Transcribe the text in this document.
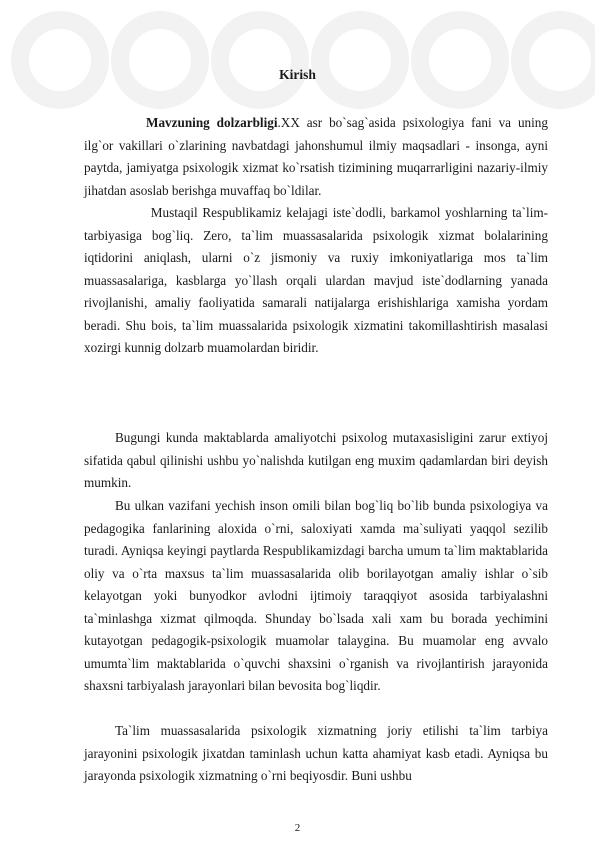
Kirish
Mavzuning dolzarbligi.XX asr bo`sag`asida psixologiya fani va uning ilg`or vakillari o`zlarining navbatdagi jahonshumul ilmiy maqsadlari - insonga, ayni paytda, jamiyatga psixologik xizmat ko`rsatish tizimining muqarrarligini nazariy-ilmiy jihatdan asoslab berishga muvaffaq bo`ldilar.
Mustaqil Respublikamiz kelajagi iste`dodli, barkamol yoshlarning ta`lim-tarbiyasiga bog`liq. Zero, ta`lim muassasalarida psixologik xizmat bolalarining iqtidorini aniqlash, ularni o`z jismoniy va ruxiy imkoniyatlariga mos ta`lim muassasalariga, kasblarga yo`llash orqali ulardan mavjud iste`dodlarning yanada rivojlanishi, amaliy faoliyatida samarali natijalarga erishishlariga xamisha yordam beradi. Shu bois, ta`lim muassalarida psixologik xizmatini takomillashtirish masalasi xozirgi kunnig dolzarb muamolardan biridir.
Bugungi kunda maktablarda amaliyotchi psixolog mutaxasisligini zarur extiyoj sifatida qabul qilinishi ushbu yo`nalishda kutilgan eng muxim qadamlardan biri deyish mumkin.
Bu ulkan vazifani yechish inson omili bilan bog`liq bo`lib bunda psixologiya va pedagogika fanlarining aloxida o`rni, saloxiyati xamda ma`suliyati yaqqol sezilib turadi. Ayniqsa keyingi paytlarda Respublikamizdagi barcha umum ta`lim maktablarida oliy va o`rta maxsus ta`lim muassasalarida olib borilayotgan amaliy ishlar o`sib kelayotgan yoki bunyodkor avlodni ijtimoiy taraqqiyot asosida tarbiyalashni ta`minlashga xizmat qilmoqda. Shunday bo`lsada xali xam bu borada yechimini kutayotgan pedagogik-psixologik muamolar talaygina. Bu muamolar eng avvalo umumta`lim maktablarida o`quvchi shaxsini o`rganish va rivojlantirish jarayonida shaxsni tarbiyalash jarayonlari bilan bevosita bog`liqdir.
Ta`lim muassasalarida psixologik xizmatning joriy etilishi ta`lim tarbiya jarayonini psixologik jixatdan taminlash uchun katta ahamiyat kasb etadi. Ayniqsa bu jarayonda psixologik xizmatning o`rni beqiyosdir. Buni ushbu
2
